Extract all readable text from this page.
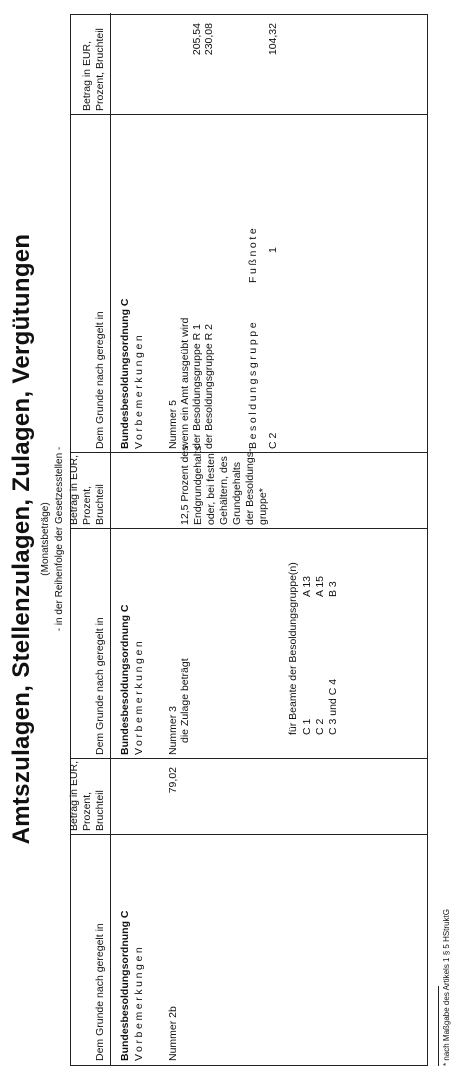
Amtszulagen, Stellenzulagen, Zulagen, Vergütungen (Monatsbeträge) - in der Reihenfolge der Gesetzesstellen -
Dem Grunde nach geregelt in
Betrag in EUR, Prozent, Bruchteil
Dem Grunde nach geregelt in
Betrag in EUR, Prozent, Bruchteil
Dem Grunde nach geregelt in
Betrag in EUR, Prozent, Bruchteil
Bundesbesoldungsordnung C Vorbemerkungen Nummer 2b
79,02
Bundesbesoldungsordnung C Vorbemerkungen Nummer 3 die Zulage beträgt
12,5 Prozent des Endgrundgehalts oder, bei festen Gehältern, des Grundgehalts der Besoldungs- gruppe*
für Beamte der Besoldungsgruppe(n) C 1
A 13
C 2
A 15
C 3 und C 4
B 3
Bundesbesoldungsordnung C Vorbemerkungen Nummer 5 wenn ein Amt ausgeübt wird der Besoldungsgruppe R 1 der Besoldungsgruppe R 2
205,54 230,08
Besoldungsgruppe
Fußnote
C 2
1
104,32
* nach Maßgabe des Artikels 1 § 5 HStruktG
